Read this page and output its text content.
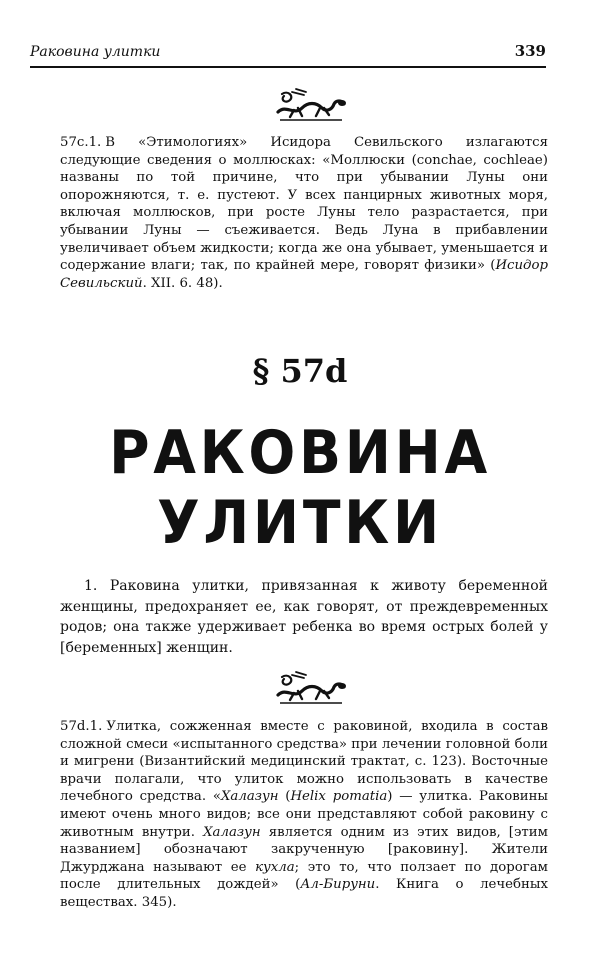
Раковина улитки	339
57с.1. В «Этимологиях» Исидора Севильского излагаются следующие сведения о моллюсках: «Моллюски (conchae, cochleae) названы по той причине, что при убывании Луны они опорожняются, т. е. пустеют. У всех панцирных животных моря, включая моллюсков, при росте Луны тело разрастается, при убывании Луны — съеживается. Ведь Луна в прибавлении увеличивает объем жидкости; когда же она убывает, уменьшается и содержание влаги; так, по крайней мере, говорят физики» (Исидор Севильский. XII. 6. 48).
§ 57d
РАКОВИНА
УЛИТКИ
1. Раковина улитки, привязанная к животу беременной женщины, предохраняет ее, как говорят, от преждевременных родов; она также удерживает ребенка во время острых болей у [беременных] женщин.
57d.1. Улитка, сожженная вместе с раковиной, входила в состав сложной смеси «испытанного средства» при лечении головной боли и мигрени (Византийский медицинский трактат, с. 123). Восточные врачи полагали, что улиток можно использовать в качестве лечебного средства. «Халазун (Helix pomatia) — улитка. Раковины имеют очень много видов; все они представляют собой раковину с животным внутри. Халазун является одним из этих видов, [этим названием] обозначают закрученную [раковину]. Жители Джурджана называют ее кухла; это то, что ползает по дорогам после длительных дождей» (Ал-Бируни. Книга о лечебных веществах. 345).
